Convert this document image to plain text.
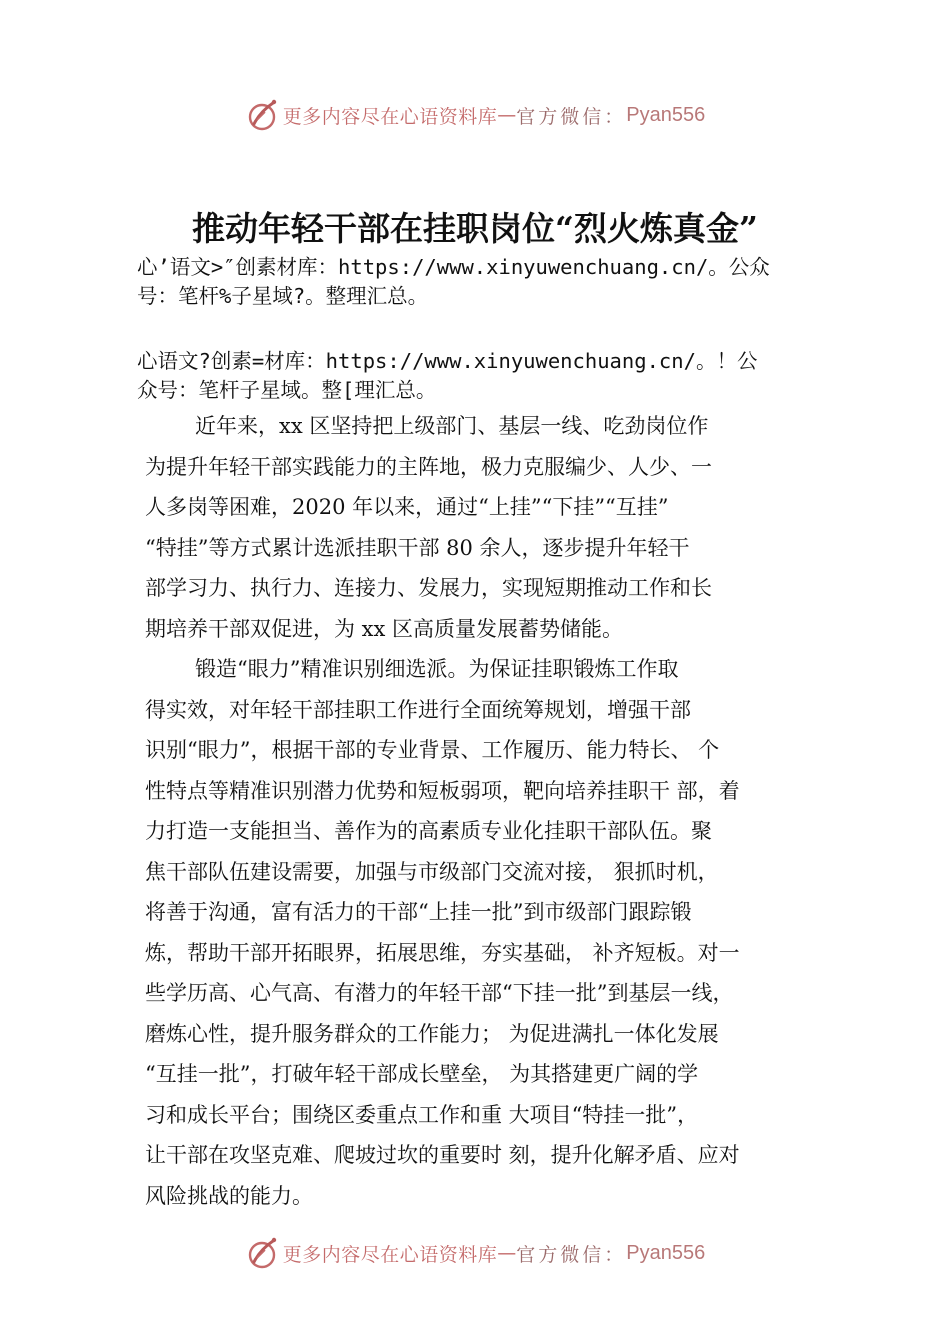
更多内容尽在心语资料库 — 官方微信： Pyan556
推动年轻干部在挂职岗位“烈火炼真金”
心’语文>″创素材库：https://www.xinyuwenchuang.cn/。公众
号：笔杆%子星域?。整理汇总。
心语文?创素=材库：https://www.xinyuwenchuang.cn/。！公
众号：笔杆子星域。整[理汇总。
近年来，xx 区坚持把上级部门、基层一线、吃劲岗位作
为提升年轻干部实践能力的主阵地，极力克服编少、人少、一
人多岗等困难，2020 年以来，通过“上挂”“下挂”“互挂”
“特挂”等方式累计选派挂职干部 80 余人，逐步提升年轻干
部学习力、执行力、连接力、发展力，实现短期推动工作和长
期培养干部双促进，为 xx 区高质量发展蓄势储能。
锻造“眼力”精准识别细选派。为保证挂职锻炼工作取
得实效，对年轻干部挂职工作进行全面统筹规划，增强干部
识别“眼力”，根据干部的专业背景、工作履历、能力特长、 个
性特点等精准识别潜力优势和短板弱项，靶向培养挂职干 部，着
力打造一支能担当、善作为的高素质专业化挂职干部队伍。聚
焦干部队伍建设需要，加强与市级部门交流对接， 狠抓时机，
将善于沟通，富有活力的干部“上挂一批”到市级部门跟踪锻
炼，帮助干部开拓眼界，拓展思维，夯实基础， 补齐短板。对一
些学历高、心气高、有潜力的年轻干部“下挂一批”到基层一线，
磨炼心性，提升服务群众的工作能力； 为促进满扎一体化发展
“互挂一批”，打破年轻干部成长壁垒， 为其搭建更广阔的学
习和成长平台；围绕区委重点工作和重 大项目“特挂一批”，
让干部在攻坚克难、爬坡过坎的重要时 刻，提升化解矛盾、应对
风险挑战的能力。
更多内容尽在心语资料库 — 官方微信： Pyan556
